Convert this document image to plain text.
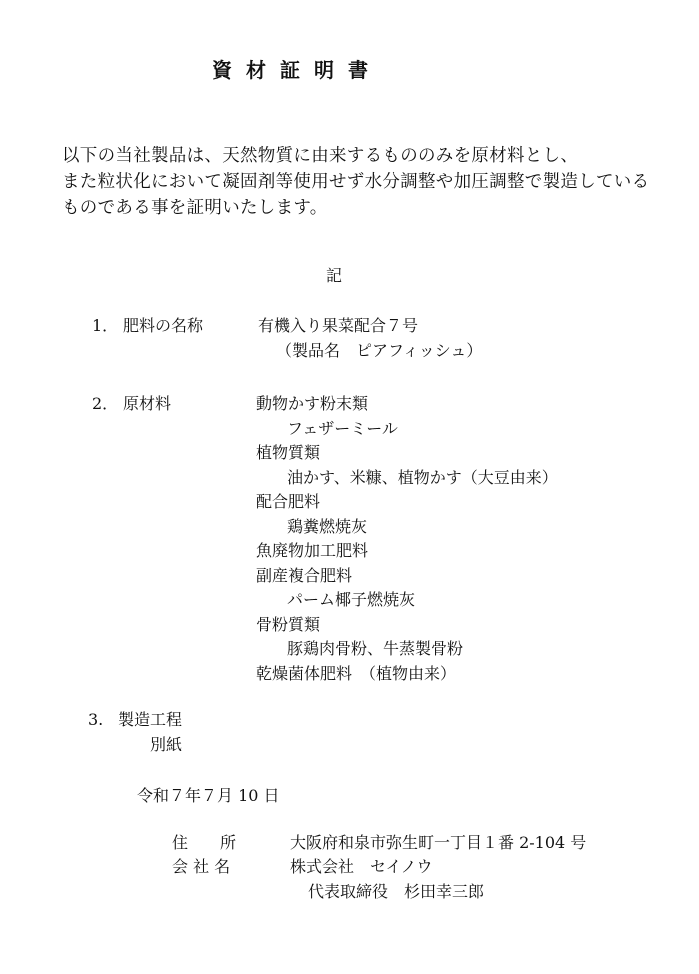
資材証明書
以下の当社製品は、天然物質に由来するもののみを原材料とし、
また粒状化において凝固剤等使用せず水分調整や加圧調整で製造している
ものである事を証明いたします。
記
1． 肥料の名称	有機入り果菜配合７号
（製品名　ピアフィッシュ）
2． 原材料	動物かす粉末類
フェザーミール
植物質類
油かす、米糠、植物かす（大豆由来）
配合肥料
鶏糞燃焼灰
魚廃物加工肥料
副産複合肥料
パーム椰子燃焼灰
骨粉質類
豚鶏肉骨粉、牛蒸製骨粉
乾燥菌体肥料　（植物由来）
3. 製造工程
別紙
令和７年７月 10 日
住　　所	大阪府和泉市弥生町一丁目１番 2-104 号
会 社 名	株式会社　セイノウ
代表取締役　杉田幸三郎
